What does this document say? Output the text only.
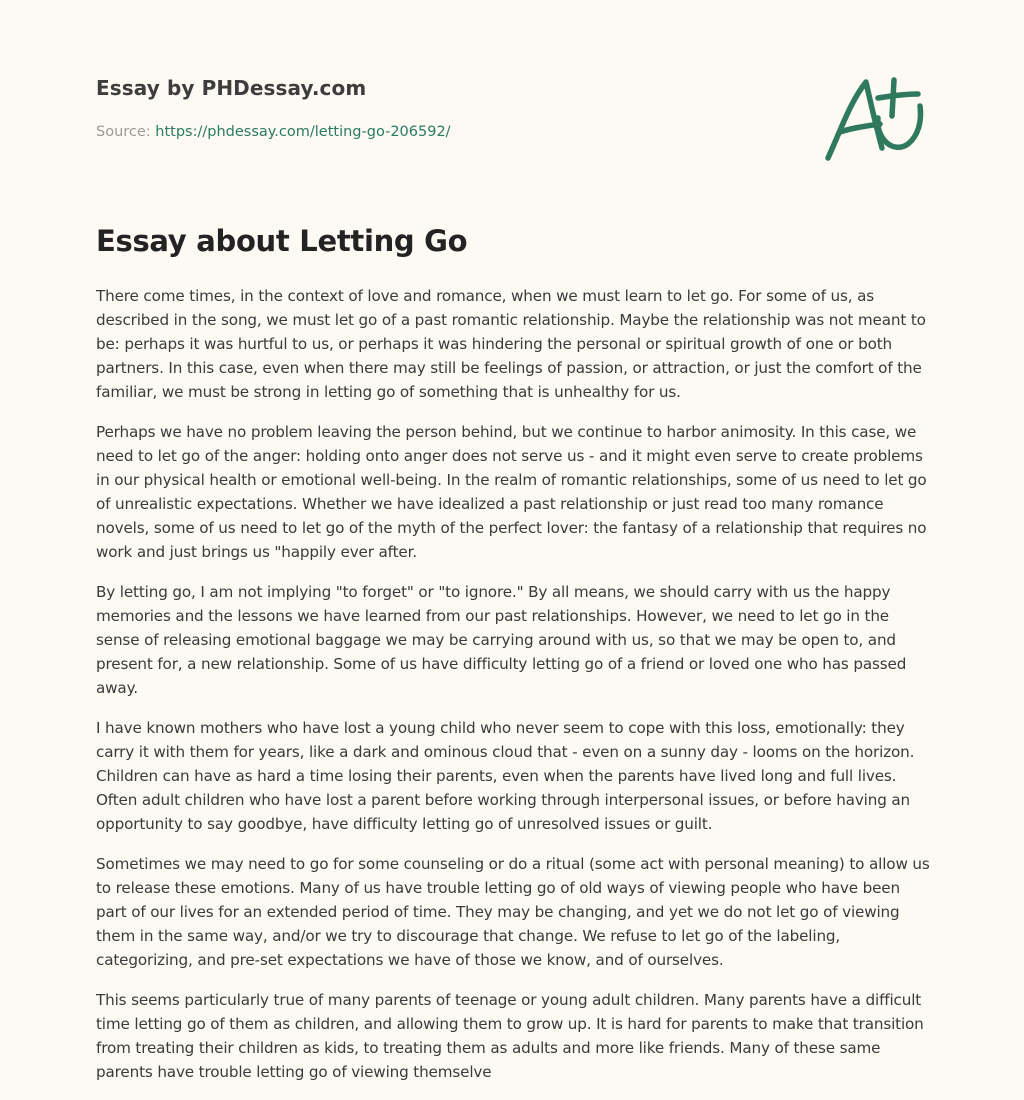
Essay by PHDessay.com

Source: https://phdessay.com/letting-go-206592/

Essay about Letting Go

There come times, in the context of love and romance, when we must learn to let go. For some of us, as described in the song, we must let go of a past romantic relationship. Maybe the relationship was not meant to be: perhaps it was hurtful to us, or perhaps it was hindering the personal or spiritual growth of one or both partners. In this case, even when there may still be feelings of passion, or attraction, or just the comfort of the familiar, we must be strong in letting go of something that is unhealthy for us.

Perhaps we have no problem leaving the person behind, but we continue to harbor animosity. In this case, we need to let go of the anger: holding onto anger does not serve us - and it might even serve to create problems in our physical health or emotional well-being. In the realm of romantic relationships, some of us need to let go of unrealistic expectations. Whether we have idealized a past relationship or just read too many romance novels, some of us need to let go of the myth of the perfect lover: the fantasy of a relationship that requires no work and just brings us "happily ever after.

By letting go, I am not implying "to forget" or "to ignore." By all means, we should carry with us the happy memories and the lessons we have learned from our past relationships. However, we need to let go in the sense of releasing emotional baggage we may be carrying around with us, so that we may be open to, and present for, a new relationship. Some of us have difficulty letting go of a friend or loved one who has passed away.

I have known mothers who have lost a young child who never seem to cope with this loss, emotionally: they carry it with them for years, like a dark and ominous cloud that - even on a sunny day - looms on the horizon. Children can have as hard a time losing their parents, even when the parents have lived long and full lives. Often adult children who have lost a parent before working through interpersonal issues, or before having an opportunity to say goodbye, have difficulty letting go of unresolved issues or guilt.

Sometimes we may need to go for some counseling or do a ritual (some act with personal meaning) to allow us to release these emotions. Many of us have trouble letting go of old ways of viewing people who have been part of our lives for an extended period of time. They may be changing, and yet we do not let go of viewing them in the same way, and/or we try to discourage that change. We refuse to let go of the labeling, categorizing, and pre-set expectations we have of those we know, and of ourselves.

This seems particularly true of many parents of teenage or young adult children. Many parents have a difficult time letting go of them as children, and allowing them to grow up. It is hard for parents to make that transition from treating their children as kids, to treating them as adults and more like friends. Many of these same parents have trouble letting go of viewing themselve
